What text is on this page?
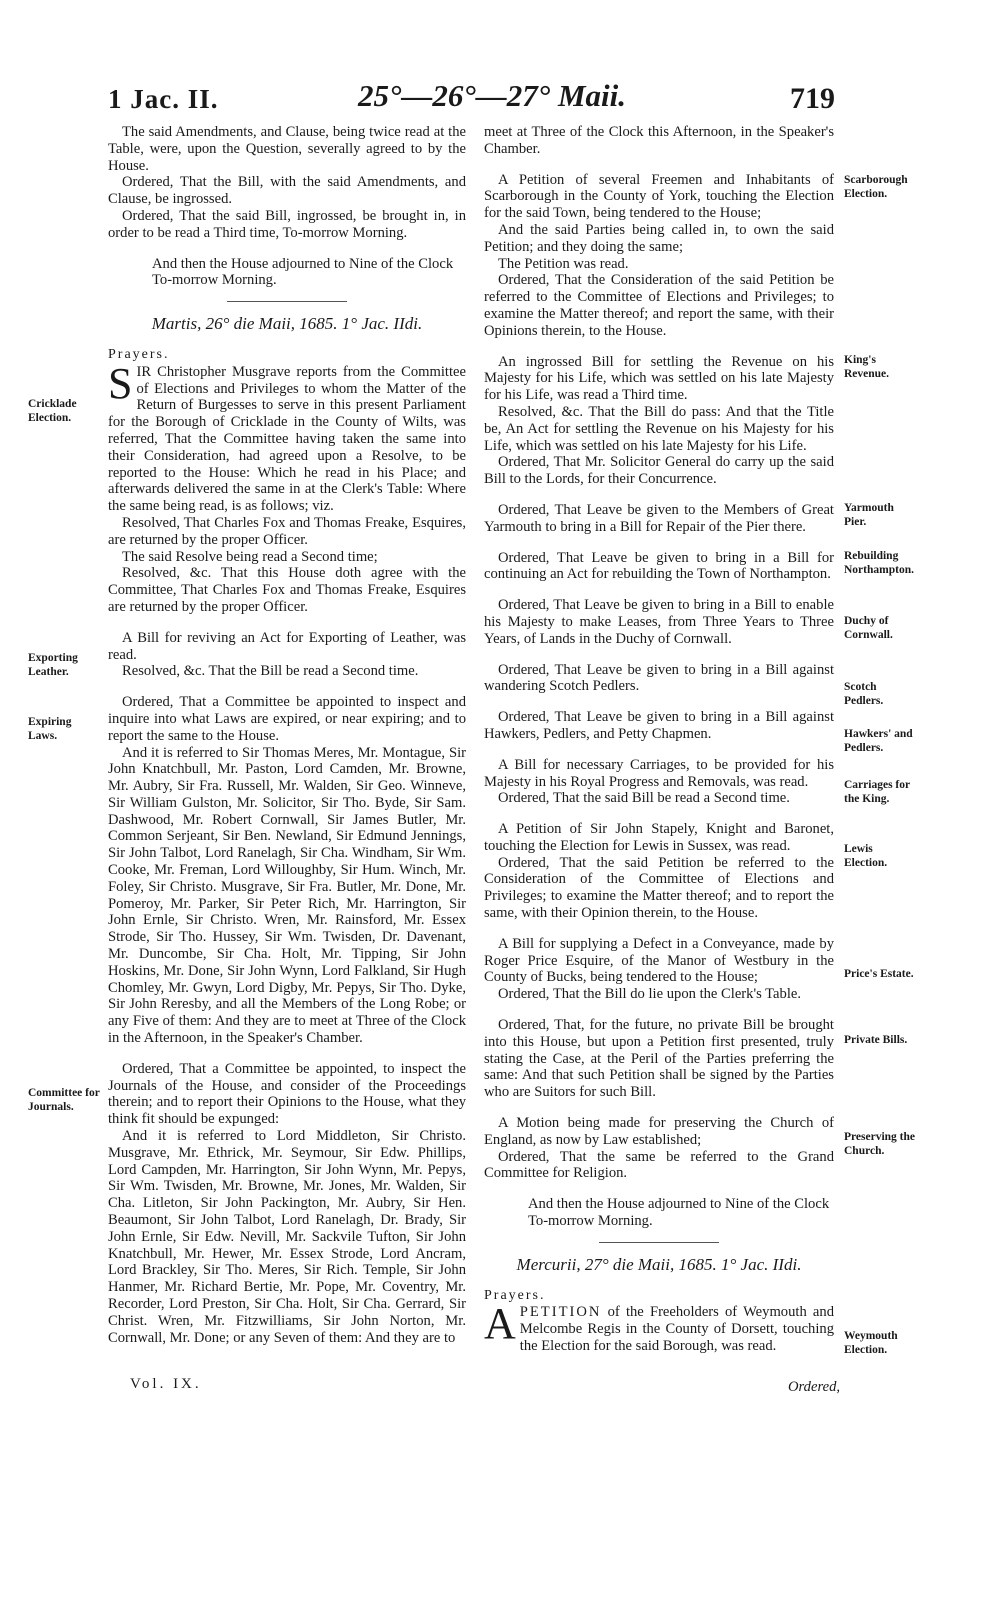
1 Jac. II.	25°—26°—27° Maii.	719

The said Amendments, and Clause, being twice read at the Table, were, upon the Question, severally agreed to by the House.

Ordered, That the Bill, with the said Amendments, and Clause, be ingrossed.

Ordered, That the said Bill, ingrossed, be brought in, in order to be read a Third time, To-morrow Morning.

And then the House adjourned to Nine of the Clock To-morrow Morning.

Martis, 26° die Maii, 1685. 1° Jac. IIdi.

Prayers.

SIR Christopher Musgrave reports from the Committee of Elections and Privileges to whom the Matter of the Return of Burgesses to serve in this present Parliament for the Borough of Cricklade in the County of Wilts, was referred, That the Committee having taken the same into their Consideration, had agreed upon a Resolve, to be reported to the House: Which he read in his Place; and afterwards delivered the same in at the Clerk's Table: Where the same being read, is as follows; viz.

Resolved, That Charles Fox and Thomas Freake, Esquires, are returned by the proper Officer.

The said Resolve being read a Second time;

Resolved, &c. That this House doth agree with the Committee, That Charles Fox and Thomas Freake, Esquires are returned by the proper Officer.

A Bill for reviving an Act for Exporting of Leather, was read.

Resolved, &c. That the Bill be read a Second time.

Ordered, That a Committee be appointed to inspect and inquire into what Laws are expired, or near expiring; and to report the same to the House.

And it is referred to Sir Thomas Meres, Mr. Montague, Sir John Knatchbull, Mr. Paston, Lord Camden, Mr. Browne, Mr. Aubry, Sir Fra. Russell, Mr. Walden, Sir Geo. Winneve, Sir William Gulston, Mr. Solicitor, Sir Tho. Byde, Sir Sam. Dashwood, Mr. Robert Cornwall, Sir James Butler, Mr. Common Serjeant, Sir Ben. Newland, Sir Edmund Jennings, Sir John Talbot, Lord Ranelagh, Sir Cha. Windham, Sir Wm. Cooke, Mr. Freman, Lord Willoughby, Sir Hum. Winch, Mr. Foley, Sir Christo. Musgrave, Sir Fra. Butler, Mr. Done, Mr. Pomeroy, Mr. Parker, Sir Peter Rich, Mr. Harrington, Sir John Ernle, Sir Christo. Wren, Mr. Rainsford, Mr. Essex Strode, Sir Tho. Hussey, Sir Wm. Twisden, Dr. Davenant, Mr. Duncombe, Sir Cha. Holt, Mr. Tipping, Sir John Hoskins, Mr. Done, Sir John Wynn, Lord Falkland, Sir Hugh Chomley, Mr. Gwyn, Lord Digby, Mr. Pepys, Sir Tho. Dyke, Sir John Reresby, and all the Members of the Long Robe; or any Five of them: And they are to meet at Three of the Clock in the Afternoon, in the Speaker's Chamber.

Ordered, That a Committee be appointed, to inspect the Journals of the House, and consider of the Proceedings therein; and to report their Opinions to the House, what they think fit should be expunged:

And it is referred to Lord Middleton, Sir Christo. Musgrave, Mr. Ethrick, Mr. Seymour, Sir Edw. Phillips, Lord Campden, Mr. Harrington, Sir John Wynn, Mr. Pepys, Sir Wm. Twisden, Mr. Browne, Mr. Jones, Mr. Walden, Sir Cha. Litleton, Sir John Packington, Mr. Aubry, Sir Hen. Beaumont, Sir John Talbot, Lord Ranelagh, Dr. Brady, Sir John Ernle, Sir Edw. Nevill, Mr. Sackvile Tufton, Sir John Knatchbull, Mr. Hewer, Mr. Essex Strode, Lord Ancram, Lord Brackley, Sir Tho. Meres, Sir Rich. Temple, Sir John Hanmer, Mr. Richard Bertie, Mr. Pope, Mr. Coventry, Mr. Recorder, Lord Preston, Sir Cha. Holt, Sir Cha. Gerrard, Sir Christ. Wren, Mr. Fitzwilliams, Sir John Norton, Mr. Cornwall, Mr. Done; or any Seven of them: And they are to

meet at Three of the Clock this Afternoon, in the Speaker's Chamber.

A Petition of several Freemen and Inhabitants of Scarborough in the County of York, touching the Election for the said Town, being tendered to the House;

And the said Parties being called in, to own the said Petition; and they doing the same;

The Petition was read.

Ordered, That the Consideration of the said Petition be referred to the Committee of Elections and Privileges; to examine the Matter thereof; and report the same, with their Opinions therein, to the House.

An ingrossed Bill for settling the Revenue on his Majesty for his Life, which was settled on his late Majesty for his Life, was read a Third time.

Resolved, &c. That the Bill do pass: And that the Title be, An Act for settling the Revenue on his Majesty for his Life, which was settled on his late Majesty for his Life.

Ordered, That Mr. Solicitor General do carry up the said Bill to the Lords, for their Concurrence.

Ordered, That Leave be given to the Members of Great Yarmouth to bring in a Bill for Repair of the Pier there.

Ordered, That Leave be given to bring in a Bill for continuing an Act for rebuilding the Town of Northampton.

Ordered, That Leave be given to bring in a Bill to enable his Majesty to make Leases, from Three Years to Three Years, of Lands in the Duchy of Cornwall.

Ordered, That Leave be given to bring in a Bill against wandering Scotch Pedlers.

Ordered, That Leave be given to bring in a Bill against Hawkers, Pedlers, and Petty Chapmen.

A Bill for necessary Carriages, to be provided for his Majesty in his Royal Progress and Removals, was read.

Ordered, That the said Bill be read a Second time.

A Petition of Sir John Stapely, Knight and Baronet, touching the Election for Lewis in Sussex, was read.

Ordered, That the said Petition be referred to the Consideration of the Committee of Elections and Privileges; to examine the Matter thereof; and to report the same, with their Opinion therein, to the House.

A Bill for supplying a Defect in a Conveyance, made by Roger Price Esquire, of the Manor of Westbury in the County of Bucks, being tendered to the House;

Ordered, That the Bill do lie upon the Clerk's Table.

Ordered, That, for the future, no private Bill be brought into this House, but upon a Petition first presented, truly stating the Case, at the Peril of the Parties preferring the same: And that such Petition shall be signed by the Parties who are Suitors for such Bill.

A Motion being made for preserving the Church of England, as now by Law established;

Ordered, That the same be referred to the Grand Committee for Religion.

And then the House adjourned to Nine of the Clock To-morrow Morning.

Mercurii, 27° die Maii, 1685. 1° Jac. IIdi.

Prayers.

APETITION of the Freeholders of Weymouth and Melcombe Regis in the County of Dorsett, touching the Election for the said Borough, was read.

Cricklade Election.
Exporting Leather.
Expiring Laws.
Committee for Journals.
Scarborough Election.
King's Revenue.
Yarmouth Pier.
Rebuilding Northampton.
Duchy of Cornwall.
Scotch Pedlers.
Hawkers' and Pedlers.
Carriages for the King.
Lewis Election.
Price's Estate.
Private Bills.
Preserving the Church.
Weymouth Election.
Vol. IX.	Ordered,
